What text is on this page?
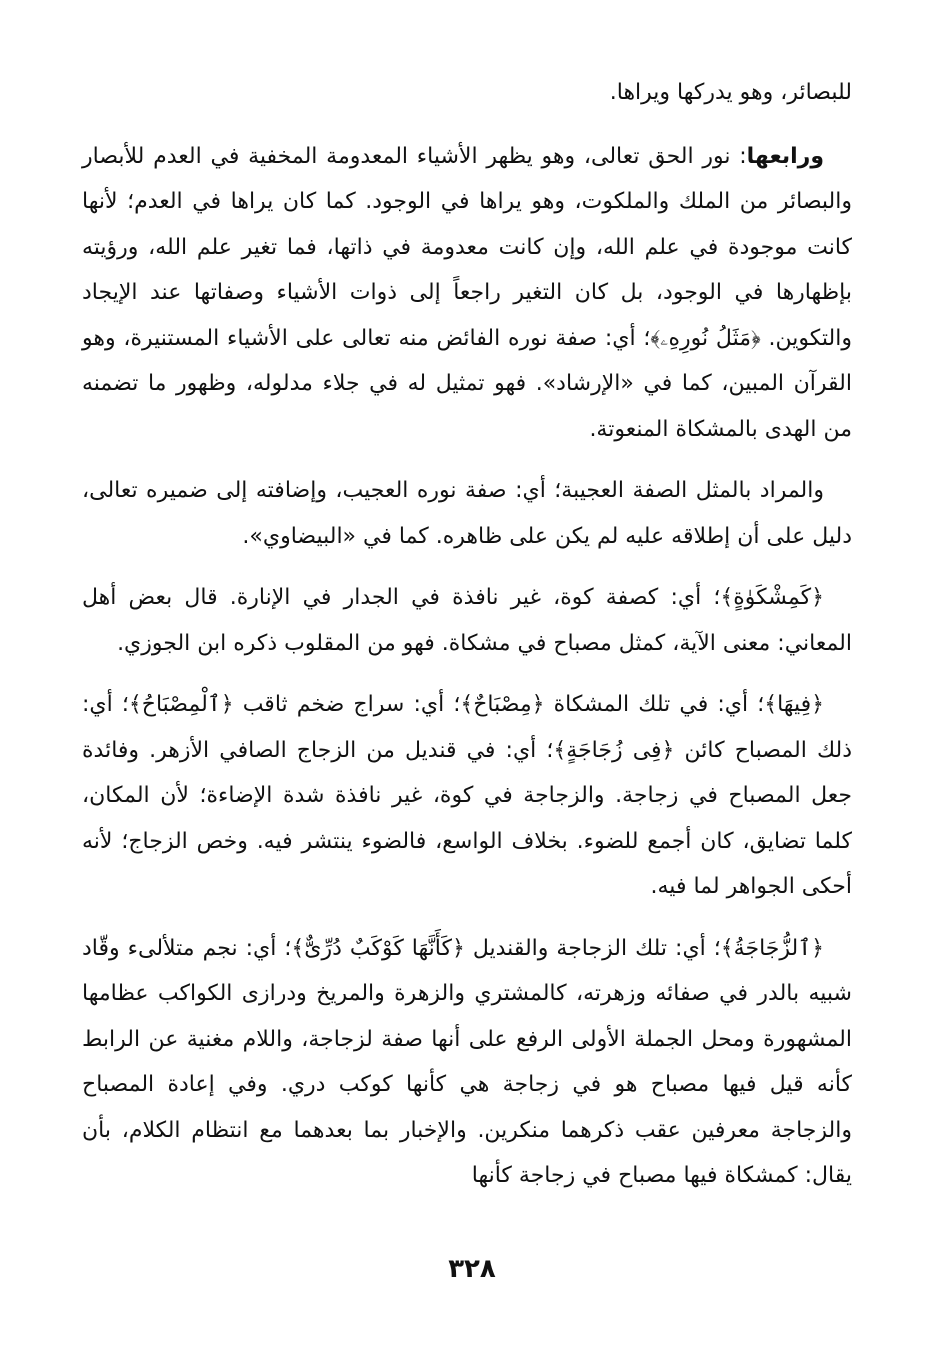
للبصائر، وهو يدركها ويراها.

ورابعها: نور الحق تعالى، وهو يظهر الأشياء المعدومة المخفية في العدم للأبصار والبصائر من الملك والملكوت، وهو يراها في الوجود. كما كان يراها في العدم؛ لأنها كانت موجودة في علم الله، وإن كانت معدومة في ذاتها، فما تغير علم الله، ورؤيته بإظهارها في الوجود، بل كان التغير راجعاً إلى ذوات الأشياء وصفاتها عند الإيجاد والتكوين. ﴿مَثَلُ نُورِهِۦ﴾؛ أي: صفة نوره الفائض منه تعالى على الأشياء المستنيرة، وهو القرآن المبين، كما في «الإرشاد». فهو تمثيل له في جلاء مدلوله، وظهور ما تضمنه من الهدى بالمشكاة المنعوتة.

والمراد بالمثل الصفة العجيبة؛ أي: صفة نوره العجيب، وإضافته إلى ضميره تعالى، دليل على أن إطلاقه عليه لم يكن على ظاهره. كما في «البيضاوي».

﴿كَمِشْكَوٰةٍ﴾؛ أي: كصفة كوة، غير نافذة في الجدار في الإنارة. قال بعض أهل المعاني: معنى الآية، كمثل مصباح في مشكاة. فهو من المقلوب ذكره ابن الجوزي.

﴿فِيهَا﴾؛ أي: في تلك المشكاة ﴿مِصْبَاحٌ﴾؛ أي: سراج ضخم ثاقب ﴿ٱلْمِصْبَاحُ﴾؛ أي: ذلك المصباح كائن ﴿فِى زُجَاجَةٍ﴾؛ أي: في قنديل من الزجاج الصافي الأزهر. وفائدة جعل المصباح في زجاجة. والزجاجة في كوة، غير نافذة شدة الإضاءة؛ لأن المكان، كلما تضايق، كان أجمع للضوء. بخلاف الواسع، فالضوء ينتشر فيه. وخص الزجاج؛ لأنه أحكى الجواهر لما فيه.

﴿ٱلزُّجَاجَةُ﴾؛ أي: تلك الزجاجة والقنديل ﴿كَأَنَّهَا كَوْكَبٌ دُرِّىٌّ﴾؛ أي: نجم متلألىء وقّاد شبيه بالدر في صفائه وزهرته، كالمشتري والزهرة والمريخ ودرازى الكواكب عظامها المشهورة ومحل الجملة الأولى الرفع على أنها صفة لزجاجة، واللام مغنية عن الرابط كأنه قيل فيها مصباح هو في زجاجة هي كأنها كوكب دري. وفي إعادة المصباح والزجاجة معرفين عقب ذكرهما منكرين. والإخبار بما بعدهما مع انتظام الكلام، بأن يقال: كمشكاة فيها مصباح في زجاجة كأنها

٣٢٨
